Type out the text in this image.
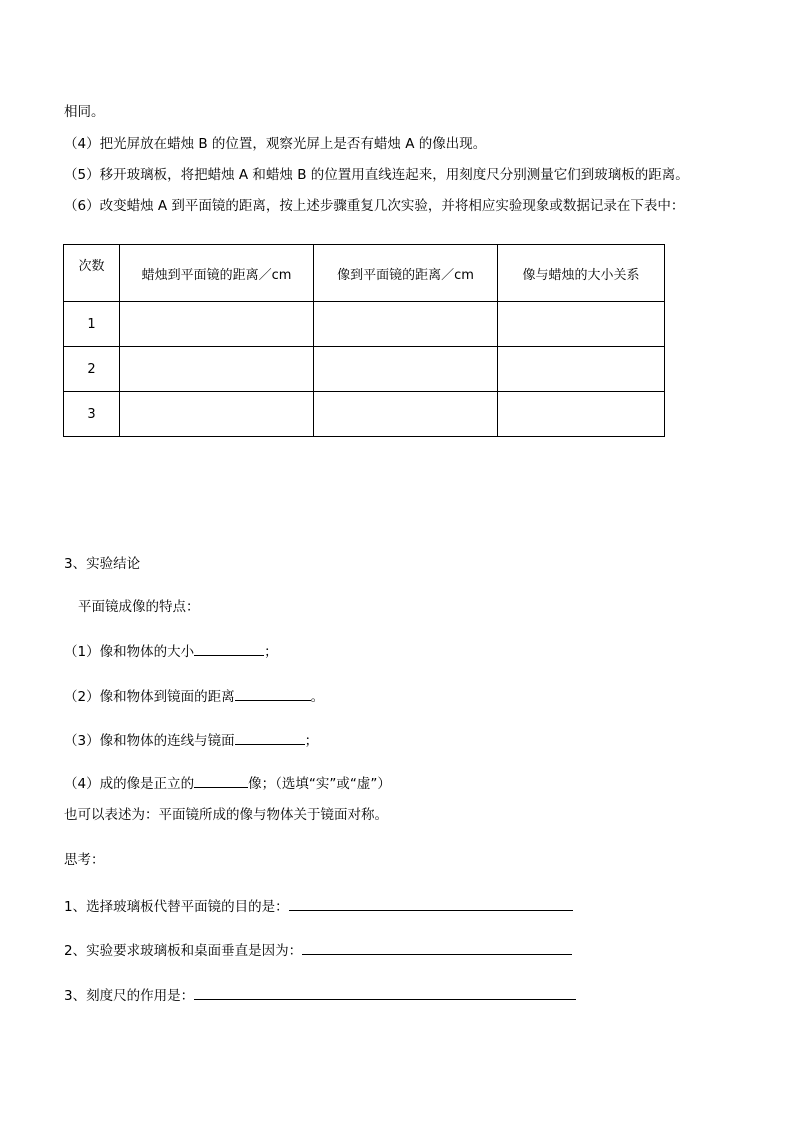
相同。
（4）把光屏放在蜡烛 B 的位置，观察光屏上是否有蜡烛 A 的像出现。
（5）移开玻璃板，将把蜡烛 A 和蜡烛 B 的位置用直线连起来，用刻度尺分别测量它们到玻璃板的距离。
（6）改变蜡烛 A 到平面镜的距离，按上述步骤重复几次实验，并将相应实验现象或数据记录在下表中：
次数	蜡烛到平面镜的距离／cm	像到平面镜的距离／cm	像与蜡烛的大小关系
1			
2			
3			
3、实验结论
平面镜成像的特点：
（1）像和物体的大小	；
（2）像和物体到镜面的距离	。
（3）像和物体的连线与镜面	；
（4）成的像是正立的	像；（选填“实”或“虚”）
也可以表述为：平面镜所成的像与物体关于镜面对称。
思考：
1、选择玻璃板代替平面镜的目的是：
2、实验要求玻璃板和桌面垂直是因为：
3、刻度尺的作用是：
